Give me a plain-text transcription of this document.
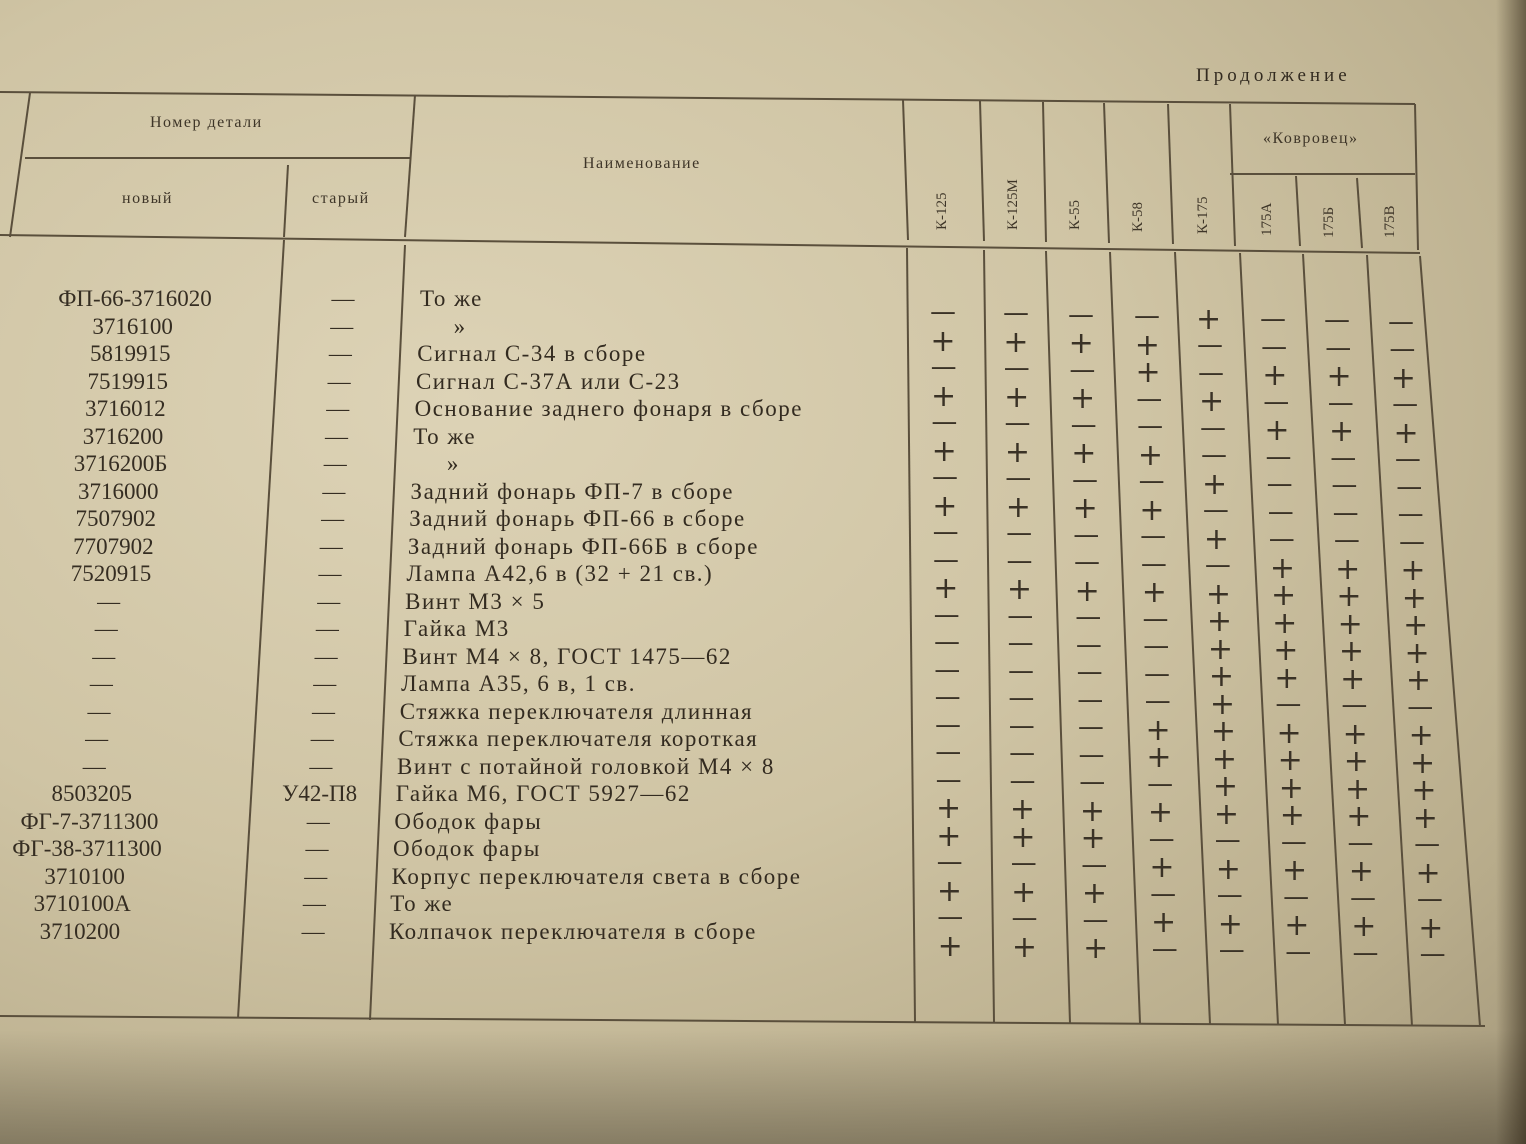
Продолжение
Номер детали
новый	старый
Наименование
«Ковровец»
К-125	К-125М	К-55	К-58	К-175	175А	175Б	175В
ФП-66-3716020	—	То же	— — — — + — — —
3716100	—	»	+ + + + — — — —
5819915	—	Сигнал С-34 в сборе	— — — + — + + +
7519915	—	Сигнал С-37А или С-23	+ + + — + — — —
3716012	—	Основание заднего фонаря в сборе	— — — — — + + +
3716200	—	То же	+ + + + — — — —
3716200Б	—	»	— — — — + — — —
3716000	—	Задний фонарь ФП-7 в сборе	+ + + + — — — —
7507902	—	Задний фонарь ФП-66 в сборе	— — — — + — — —
7707902	—	Задний фонарь ФП-66Б в сборе	— — — — — + + +
7520915	—	Лампа А42,6 в (32 + 21 св.)	+ + + + + + + +
—	—	Винт М3 × 5	— — — — + + + +
—	—	Гайка М3	— — — — + + + +
—	—	Винт М4 × 8, ГОСТ 1475—62	— — — — + + + +
—	—	Лампа А35, 6 в, 1 св.	— — — — + — — —
—	—	Стяжка переключателя длинная	— — — + + + + +
—	—	Стяжка переключателя короткая	— — — + + + + +
—	—	Винт с потайной головкой М4 × 8	— — — — + + + +
8503205	У42-П8	Гайка М6, ГОСТ 5927—62	+ + + + + + + +
ФГ-7-3711300	—	Ободок фары	+ + + — — — — —
ФГ-38-3711300	—	Ободок фары	— — — + + + + +
3710100	—	Корпус переключателя света в сборе	+ + + — — — — —
3710100А	—	То же	— — — + + + + +
3710200	—	Колпачок переключателя в сборе	+ + + — — — — —
